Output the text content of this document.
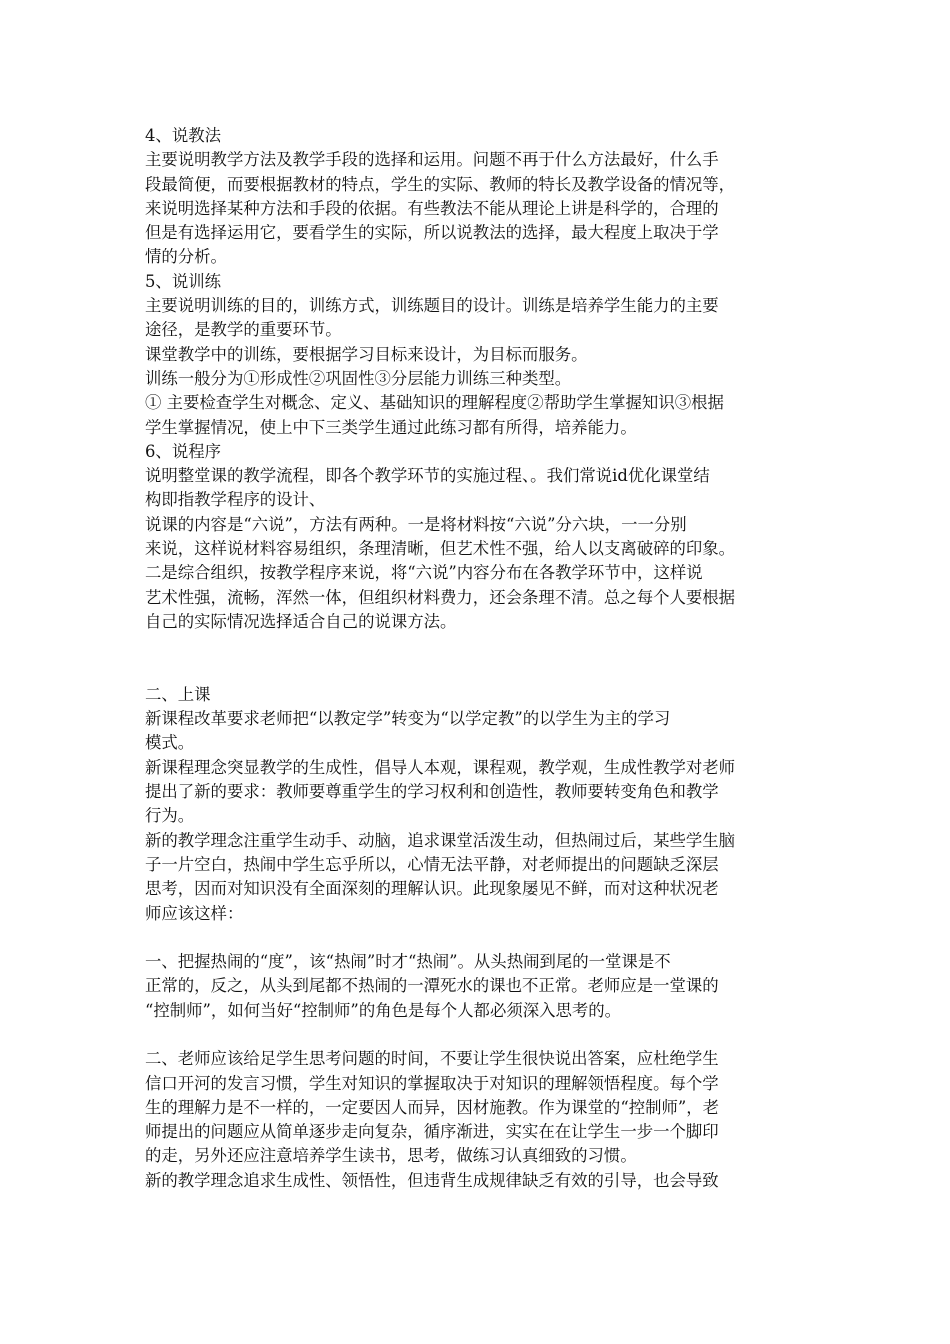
4、说教法
主要说明教学方法及教学手段的选择和运用。问题不再于什么方法最好，什么手
段最简便，而要根据教材的特点，学生的实际、教师的特长及教学设备的情况等，
来说明选择某种方法和手段的依据。有些教法不能从理论上讲是科学的，合理的
但是有选择运用它，要看学生的实际，所以说教法的选择，最大程度上取决于学
情的分析。
5、说训练
主要说明训练的目的，训练方式，训练题目的设计。训练是培养学生能力的主要
途径，是教学的重要环节。
课堂教学中的训练，要根据学习目标来设计，为目标而服务。
训练一般分为①形成性②巩固性③分层能力训练三种类型。
① 主要检查学生对概念、定义、基础知识的理解程度②帮助学生掌握知识③根据
学生掌握情况，使上中下三类学生通过此练习都有所得，培养能力。
6、说程序
说明整堂课的教学流程，即各个教学环节的实施过程、。我们常说id优化课堂结
构即指教学程序的设计、
说课的内容是“六说”，方法有两种。一是将材料按“六说”分六块，一一分别
来说，这样说材料容易组织，条理清晰，但艺术性不强，给人以支离破碎的印象。
二是综合组织，按教学程序来说，将“六说”内容分布在各教学环节中，这样说
艺术性强，流畅，浑然一体，但组织材料费力，还会条理不清。总之每个人要根据
自己的实际情况选择适合自己的说课方法。
二、上课
新课程改革要求老师把“以教定学”转变为“以学定教”的以学生为主的学习
模式。
新课程理念突显教学的生成性，倡导人本观，课程观，教学观，生成性教学对老师
提出了新的要求：教师要尊重学生的学习权利和创造性，教师要转变角色和教学
行为。
新的教学理念注重学生动手、动脑，追求课堂活泼生动，但热闹过后，某些学生脑
子一片空白，热闹中学生忘乎所以，心情无法平静，对老师提出的问题缺乏深层
思考，因而对知识没有全面深刻的理解认识。此现象屡见不鲜，而对这种状况老
师应该这样：
一、把握热闹的“度”，该“热闹”时才“热闹”。从头热闹到尾的一堂课是不
正常的，反之，从头到尾都不热闹的一潭死水的课也不正常。老师应是一堂课的
“控制师”，如何当好“控制师”的角色是每个人都必须深入思考的。
二、老师应该给足学生思考问题的时间，不要让学生很快说出答案，应杜绝学生
信口开河的发言习惯，学生对知识的掌握取决于对知识的理解领悟程度。每个学
生的理解力是不一样的，一定要因人而异，因材施教。作为课堂的“控制师”，老
师提出的问题应从简单逐步走向复杂，循序渐进，实实在在让学生一步一个脚印
的走，另外还应注意培养学生读书，思考，做练习认真细致的习惯。
新的教学理念追求生成性、领悟性，但违背生成规律缺乏有效的引导，也会导致
